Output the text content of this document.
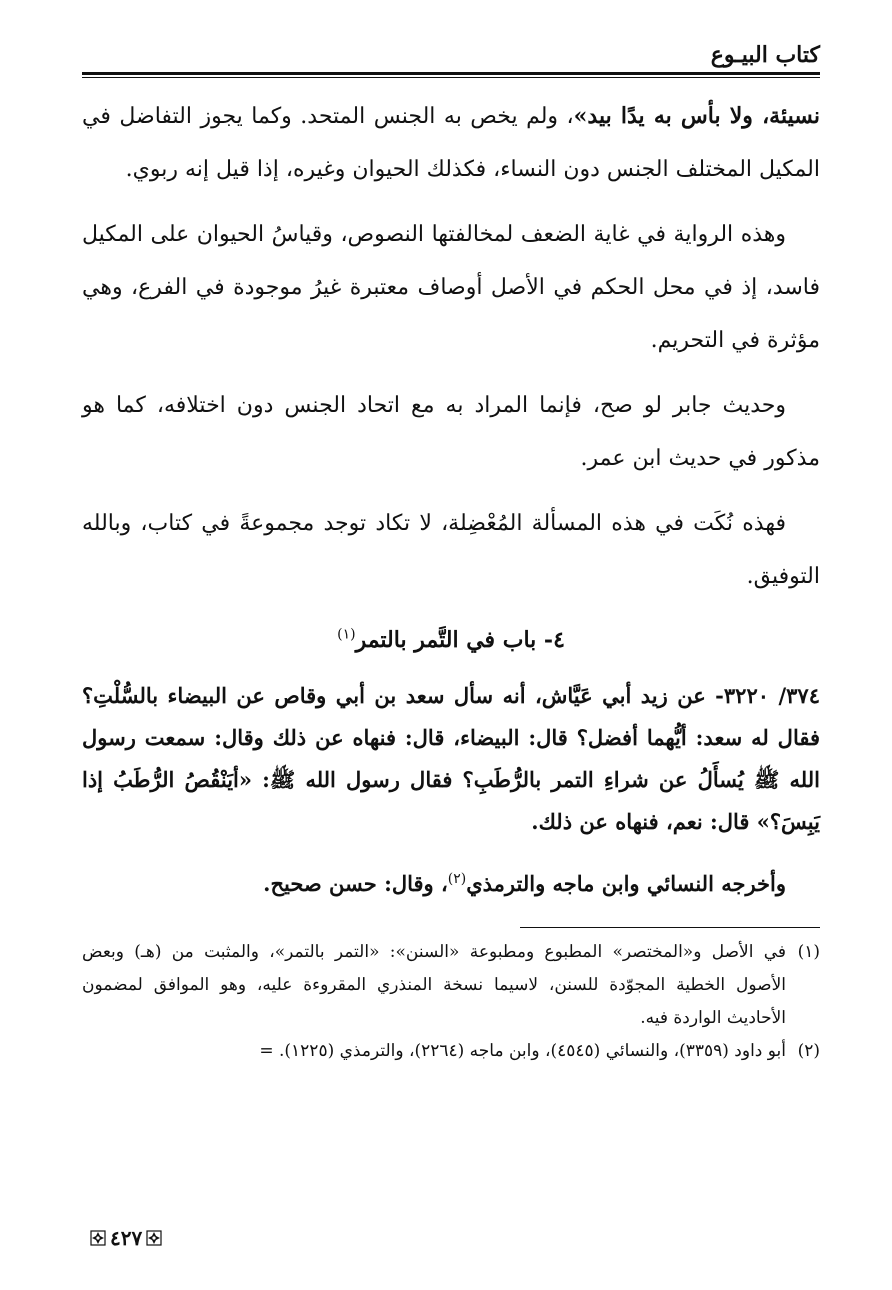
كتاب البيـوع

نسيئة، ولا بأس به يدًا بيد»، ولم يخص به الجنس المتحد. وكما يجوز التفاضل في المكيل المختلف الجنس دون النساء، فكذلك الحيوان وغيره، إذا قيل إنه ربوي.

وهذه الرواية في غاية الضعف لمخالفتها النصوص، وقياسُ الحيوان على المكيل فاسد، إذ في محل الحكم في الأصل أوصاف معتبرة غيرُ موجودة في الفرع، وهي مؤثرة في التحريم.

وحديث جابر لو صح، فإنما المراد به مع اتحاد الجنس دون اختلافه، كما هو مذكور في حديث ابن عمر.

فهذه نُكَت في هذه المسألة المُعْضِلة، لا تكاد توجد مجموعةً في كتاب، وبالله التوفيق.

٤- باب في التَّمر بالتمر$^{(١)}$

٣٧٤/ ٣٢٢٠- عن زيد أبي عَيَّاش، أنه سأل سعد بن أبي وقاص عن البيضاء بالسُّلْتِ؟ فقال له سعد: أيُّهما أفضل؟ قال: البيضاء، قال: فنهاه عن ذلك وقال: سمعت رسول الله ﷺ يُسأَلُ عن شراءِ التمر بالرُّطَبِ؟ فقال رسول الله ﷺ: «أيَنْقُصُ الرُّطَبُ إذا يَبِسَ؟» قال: نعم، فنهاه عن ذلك.

وأخرجه النسائي وابن ماجه والترمذي$^{(٢)}$، وقال: حسن صحيح.

(١)
في الأصل و«المختصر» المطبوع ومطبوعة «السنن»: «التمر بالتمر»، والمثبت من (هـ) وبعض الأصول الخطية المجوّدة للسنن، لاسيما نسخة المنذري المقروءة عليه، وهو الموافق لمضمون الأحاديث الواردة فيه.
(٢)
أبو داود (٣٣٥٩)، والنسائي (٤٥٤٥)، وابن ماجه (٢٢٦٤)، والترمذي (١٢٢٥). =
٤٢٧
